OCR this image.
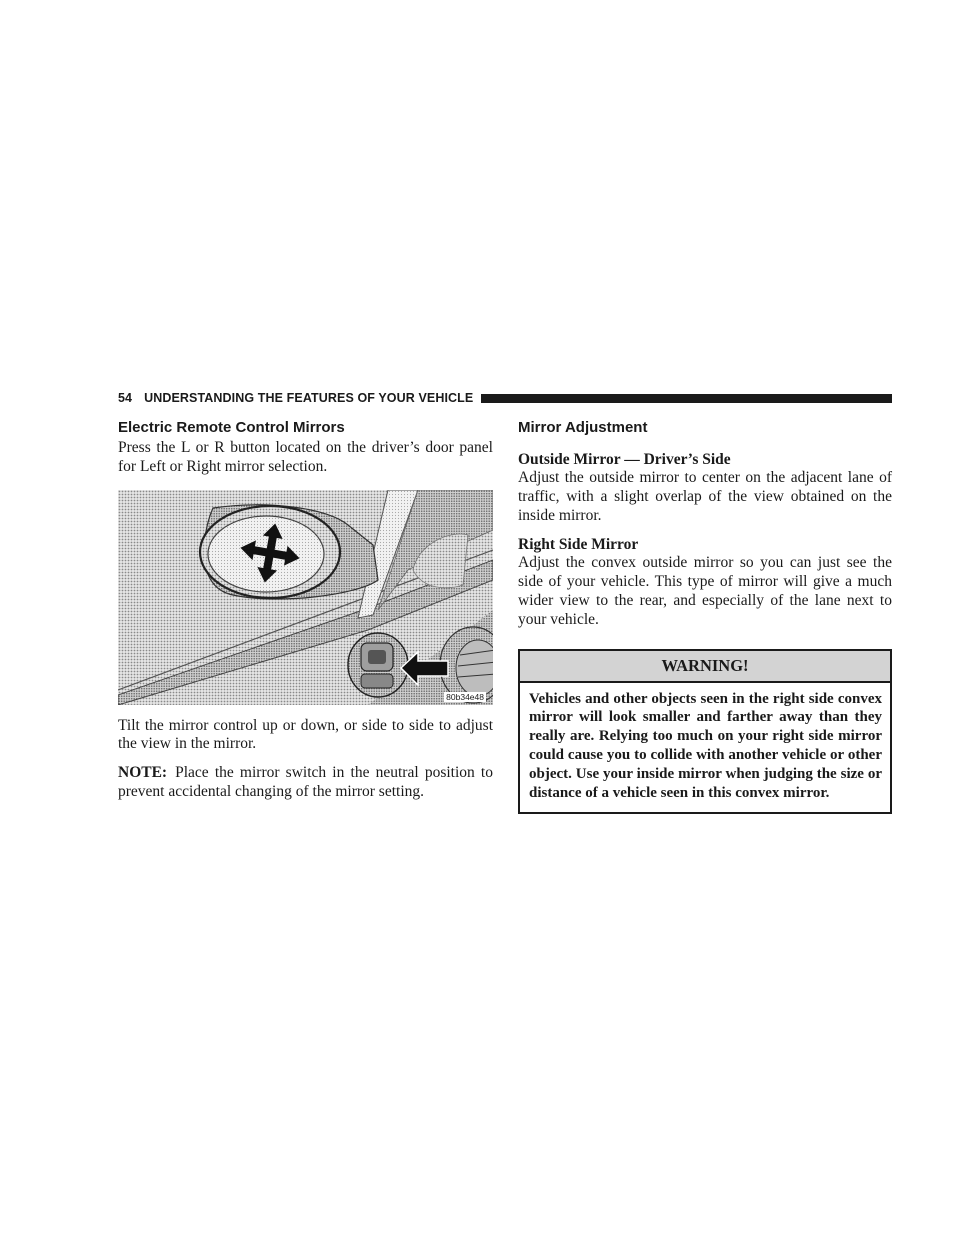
54 UNDERSTANDING THE FEATURES OF YOUR VEHICLE
Electric Remote Control Mirrors

Press the L or R button located on the driver’s door panel for Left or Right mirror selection.

80b34e48

Tilt the mirror control up or down, or side to side to adjust the view in the mirror.

NOTE: Place the mirror switch in the neutral position to prevent accidental changing of the mirror setting.

Mirror Adjustment
Outside Mirror — Driver’s Side

Adjust the outside mirror to center on the adjacent lane of traffic, with a slight overlap of the view obtained on the inside mirror.

Right Side Mirror

Adjust the convex outside mirror so you can just see the side of your vehicle. This type of mirror will give a much wider view to the rear, and especially of the lane next to your vehicle.

WARNING!

Vehicles and other objects seen in the right side convex mirror will look smaller and farther away than they really are. Relying too much on your right side mirror could cause you to collide with another vehicle or other object. Use your inside mirror when judging the size or distance of a vehicle seen in this convex mirror.
